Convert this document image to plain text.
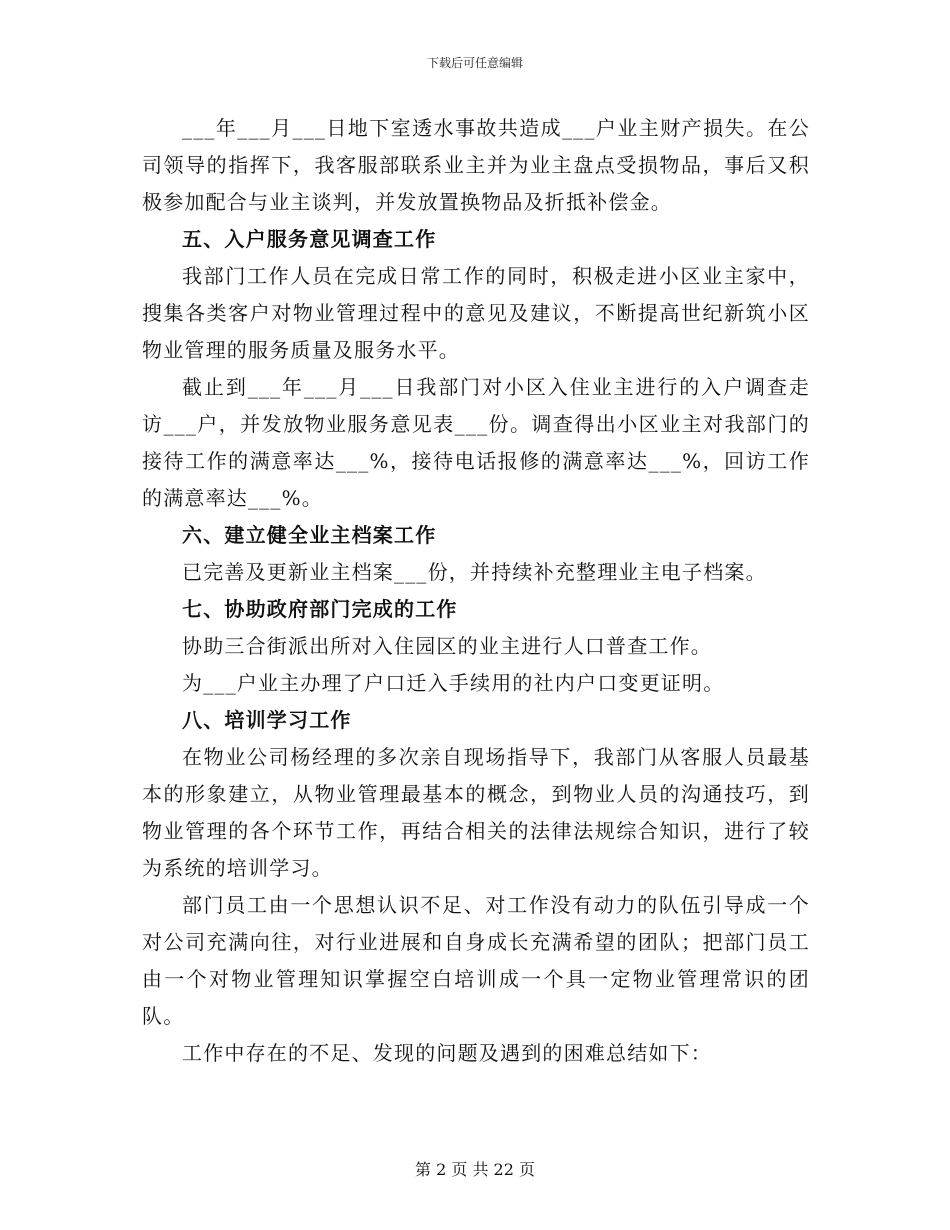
下载后可任意编辑

___年___月___日地下室透水事故共造成___户业主财产损失。在公司领导的指挥下，我客服部联系业主并为业主盘点受损物品，事后又积极参加配合与业主谈判，并发放置换物品及折抵补偿金。

五、入户服务意见调查工作

我部门工作人员在完成日常工作的同时，积极走进小区业主家中，搜集各类客户对物业管理过程中的意见及建议，不断提高世纪新筑小区物业管理的服务质量及服务水平。

截止到___年___月___日我部门对小区入住业主进行的入户调查走访___户，并发放物业服务意见表___份。调查得出小区业主对我部门的接待工作的满意率达___%，接待电话报修的满意率达___%，回访工作的满意率达___%。

六、建立健全业主档案工作

已完善及更新业主档案___份，并持续补充整理业主电子档案。

七、协助政府部门完成的工作

协助三合街派出所对入住园区的业主进行人口普查工作。

为___户业主办理了户口迁入手续用的社内户口变更证明。

八、培训学习工作

在物业公司杨经理的多次亲自现场指导下，我部门从客服人员最基本的形象建立，从物业管理最基本的概念，到物业人员的沟通技巧，到物业管理的各个环节工作，再结合相关的法律法规综合知识，进行了较为系统的培训学习。

部门员工由一个思想认识不足、对工作没有动力的队伍引导成一个对公司充满向往，对行业进展和自身成长充满希望的团队；把部门员工由一个对物业管理知识掌握空白培训成一个具一定物业管理常识的团队。

工作中存在的不足、发现的问题及遇到的困难总结如下：

第 2 页 共 22 页
